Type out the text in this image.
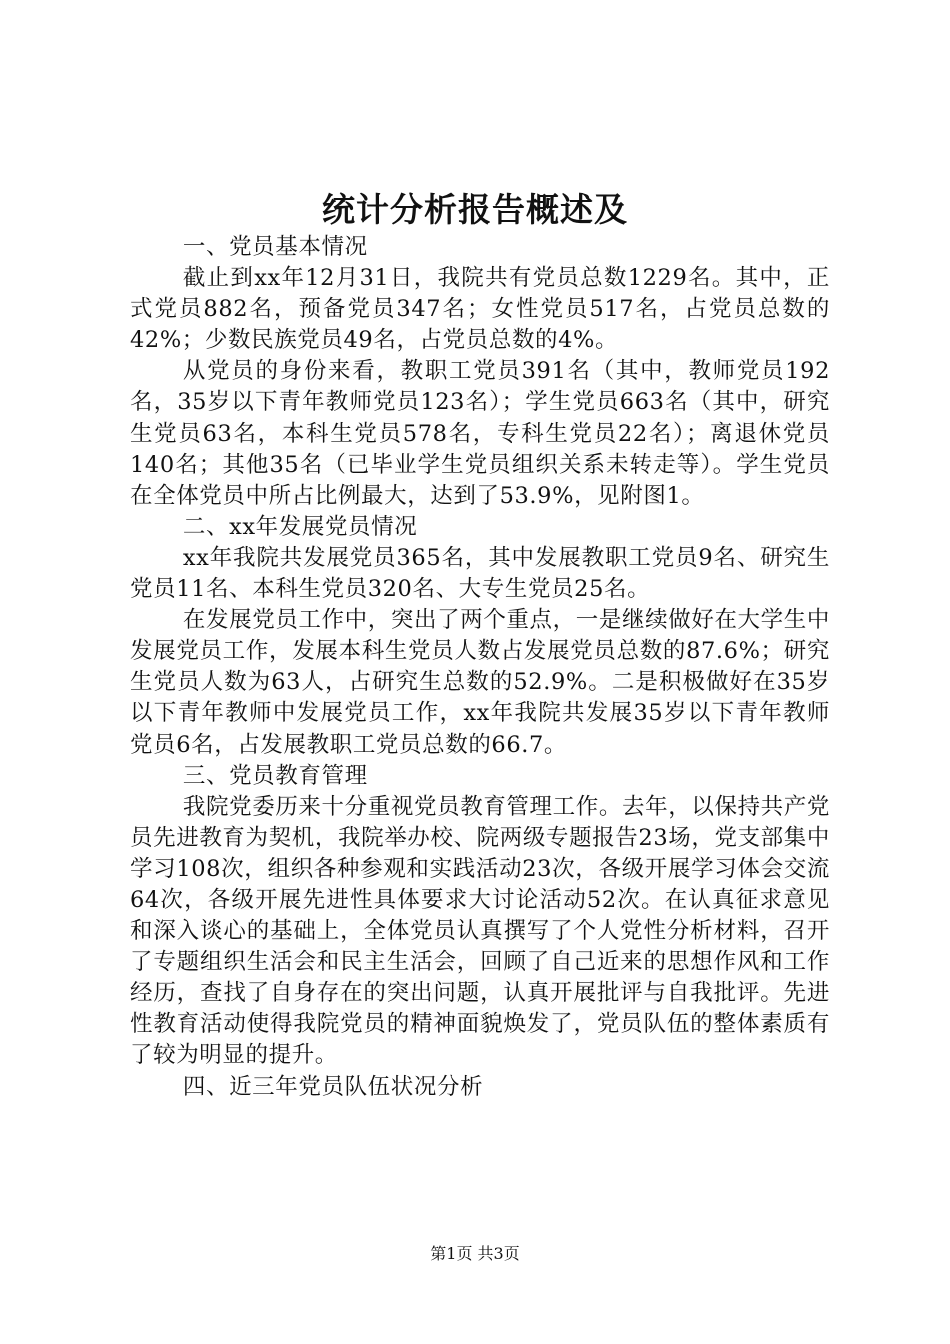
统计分析报告概述及

一、党员基本情况

截止到xx年12月31日，我院共有党员总数1229名。其中，正式党员882名，预备党员347名；女性党员517名，占党员总数的42%；少数民族党员49名，占党员总数的4%。

从党员的身份来看，教职工党员391名（其中，教师党员192名，35岁以下青年教师党员123名）；学生党员663名（其中，研究生党员63名，本科生党员578名，专科生党员22名）；离退休党员140名；其他35名（已毕业学生党员组织关系未转走等）。学生党员在全体党员中所占比例最大，达到了53.9%，见附图1。

二、xx年发展党员情况

xx年我院共发展党员365名，其中发展教职工党员9名、研究生党员11名、本科生党员320名、大专生党员25名。

在发展党员工作中，突出了两个重点，一是继续做好在大学生中发展党员工作，发展本科生党员人数占发展党员总数的87.6%；研究生党员人数为63人，占研究生总数的52.9%。二是积极做好在35岁以下青年教师中发展党员工作，xx年我院共发展35岁以下青年教师党员6名，占发展教职工党员总数的66.7。

三、党员教育管理

我院党委历来十分重视党员教育管理工作。去年，以保持共产党员先进教育为契机，我院举办校、院两级专题报告23场，党支部集中学习108次，组织各种参观和实践活动23次，各级开展学习体会交流64次，各级开展先进性具体要求大讨论活动52次。在认真征求意见和深入谈心的基础上，全体党员认真撰写了个人党性分析材料，召开了专题组织生活会和民主生活会，回顾了自己近来的思想作风和工作经历，查找了自身存在的突出问题，认真开展批评与自我批评。先进性教育活动使得我院党员的精神面貌焕发了，党员队伍的整体素质有了较为明显的提升。

四、近三年党员队伍状况分析

第1页 共3页
